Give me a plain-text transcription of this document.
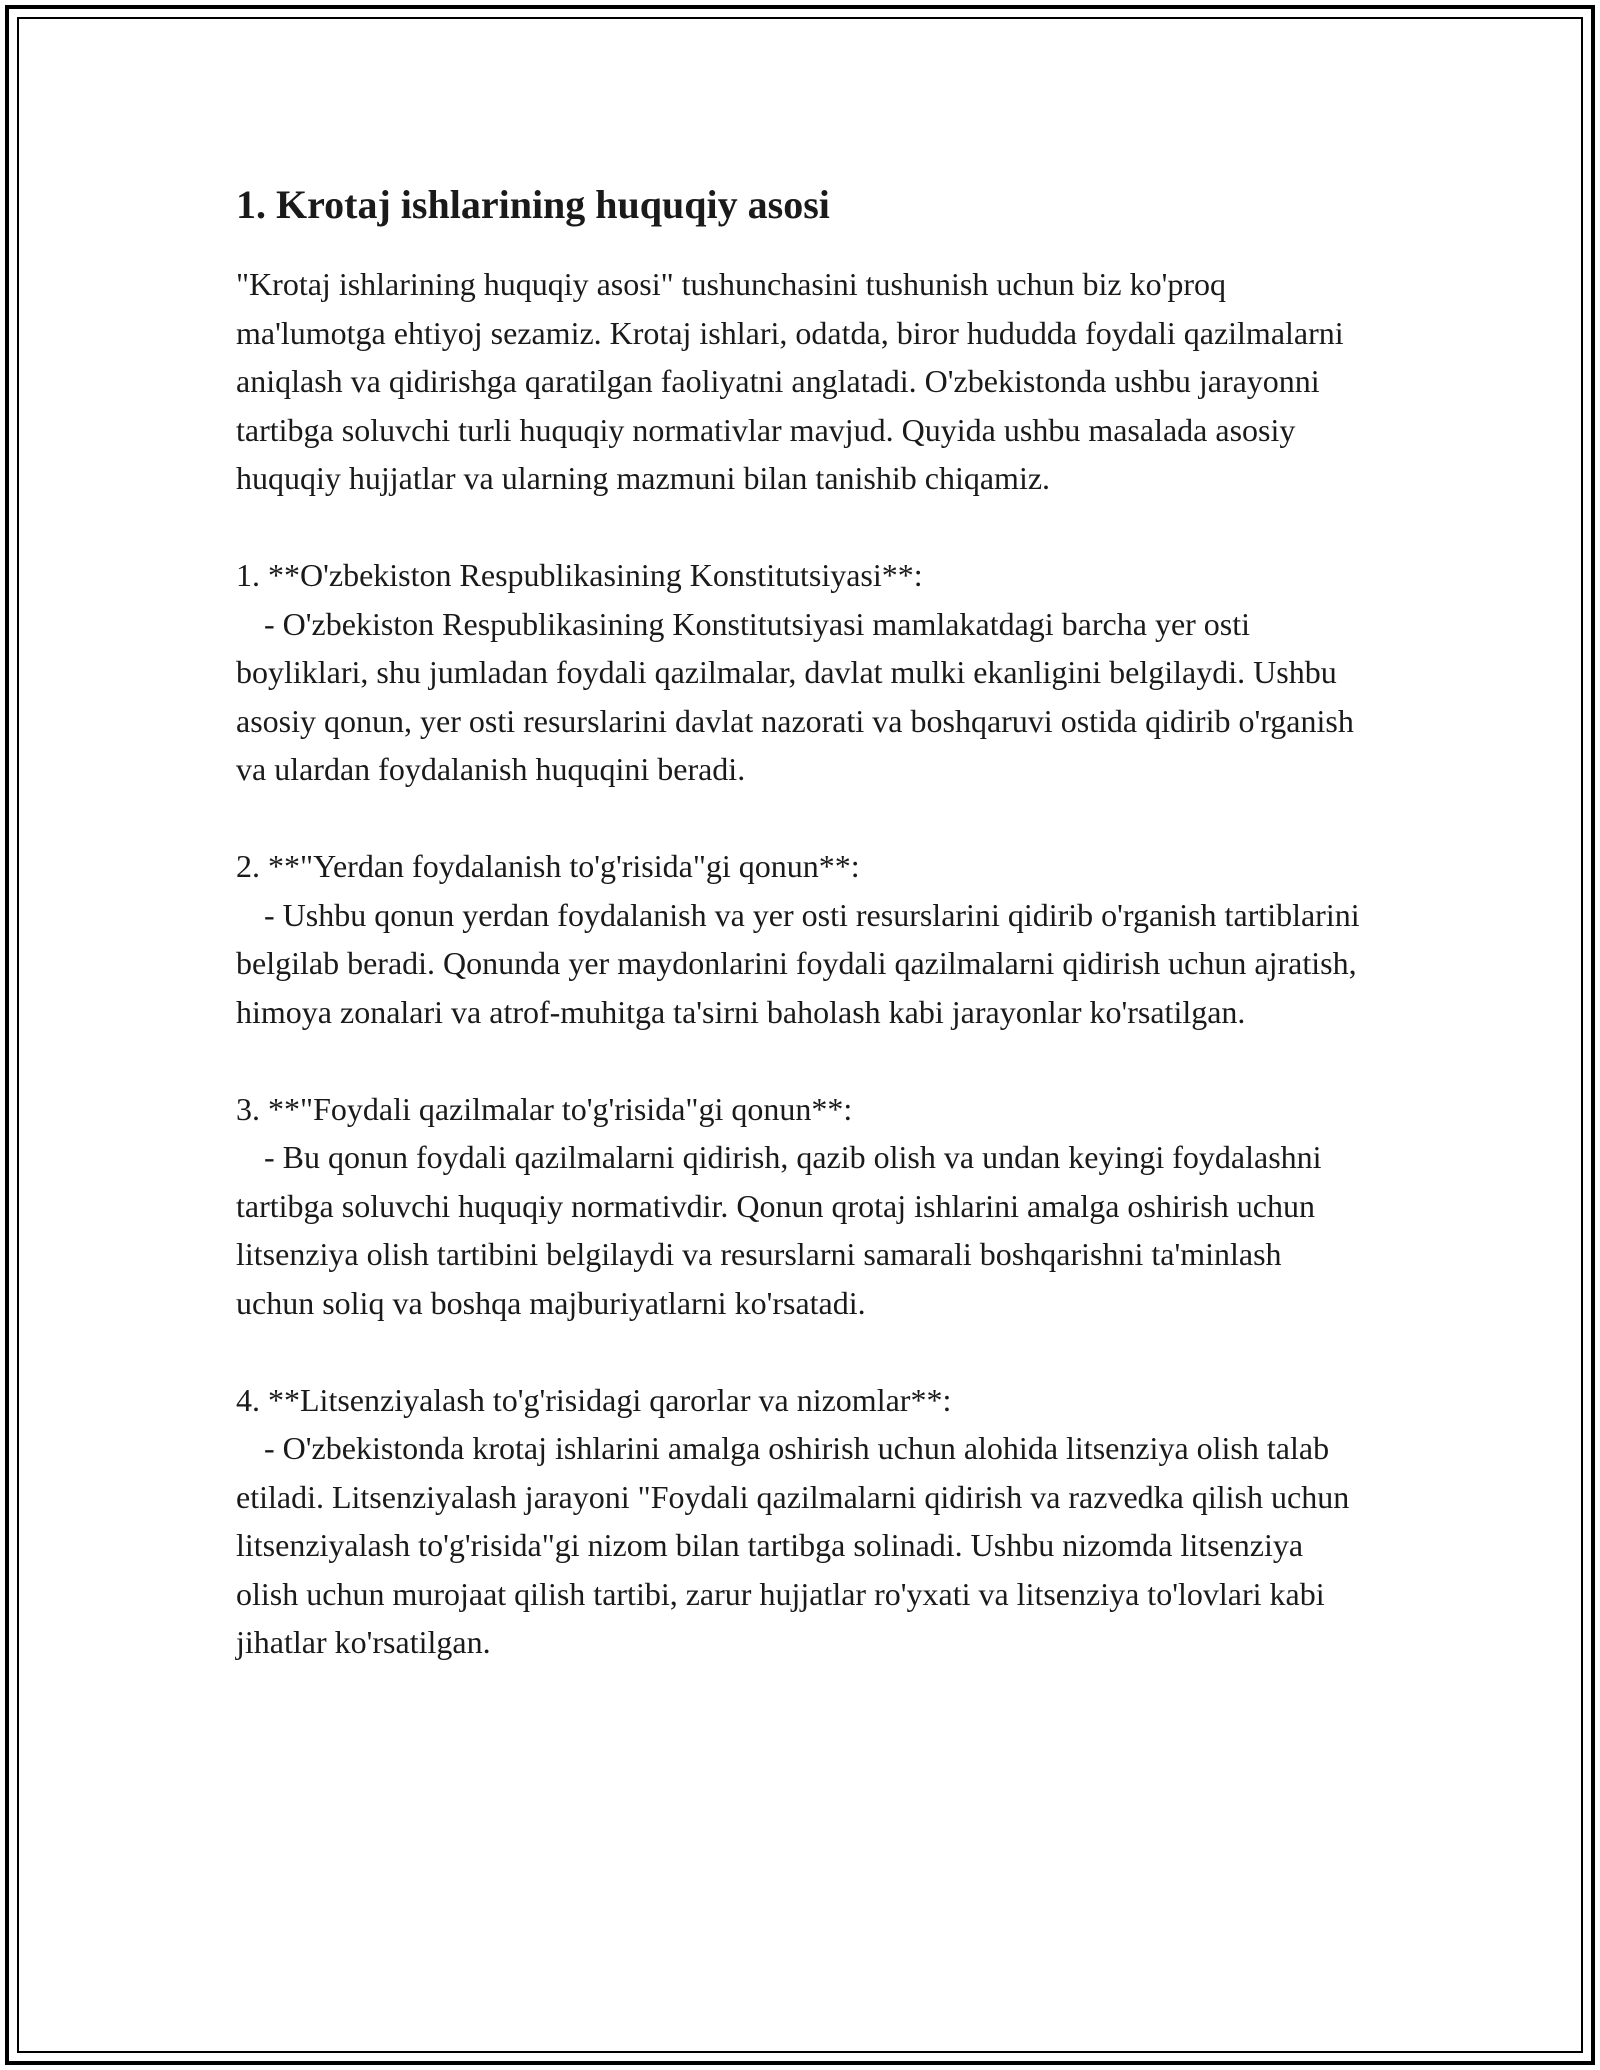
1. Krotaj ishlarining huquqiy asosi

"Krotaj ishlarining huquqiy asosi" tushunchasini tushunish uchun biz ko'proq ma'lumotga ehtiyoj sezamiz. Krotaj ishlari, odatda, biror hududda foydali qazilmalarni aniqlash va qidirishga qaratilgan faoliyatni anglatadi. O'zbekistonda ushbu jarayonni tartibga soluvchi turli huquqiy normativlar mavjud. Quyida ushbu masalada asosiy huquqiy hujjatlar va ularning mazmuni bilan tanishib chiqamiz.

1. **O'zbekiston Respublikasining Konstitutsiyasi**:

- O'zbekiston Respublikasining Konstitutsiyasi mamlakatdagi barcha yer osti boyliklari, shu jumladan foydali qazilmalar, davlat mulki ekanligini belgilaydi. Ushbu asosiy qonun, yer osti resurslarini davlat nazorati va boshqaruvi ostida qidirib o'rganish va ulardan foydalanish huquqini beradi.

2. **"Yerdan foydalanish to'g'risida"gi qonun**:

- Ushbu qonun yerdan foydalanish va yer osti resurslarini qidirib o'rganish tartiblarini belgilab beradi. Qonunda yer maydonlarini foydali qazilmalarni qidirish uchun ajratish, himoya zonalari va atrof-muhitga ta'sirni baholash kabi jarayonlar ko'rsatilgan.

3. **"Foydali qazilmalar to'g'risida"gi qonun**:

- Bu qonun foydali qazilmalarni qidirish, qazib olish va undan keyingi foydalashni tartibga soluvchi huquqiy normativdir. Qonun qrotaj ishlarini amalga oshirish uchun litsenziya olish tartibini belgilaydi va resurslarni samarali boshqarishni ta'minlash uchun soliq va boshqa majburiyatlarni ko'rsatadi.

4. **Litsenziyalash to'g'risidagi qarorlar va nizomlar**:

- O'zbekistonda krotaj ishlarini amalga oshirish uchun alohida litsenziya olish talab etiladi. Litsenziyalash jarayoni "Foydali qazilmalarni qidirish va razvedka qilish uchun litsenziyalash to'g'risida"gi nizom bilan tartibga solinadi. Ushbu nizomda litsenziya olish uchun murojaat qilish tartibi, zarur hujjatlar ro'yxati va litsenziya to'lovlari kabi jihatlar ko'rsatilgan.
